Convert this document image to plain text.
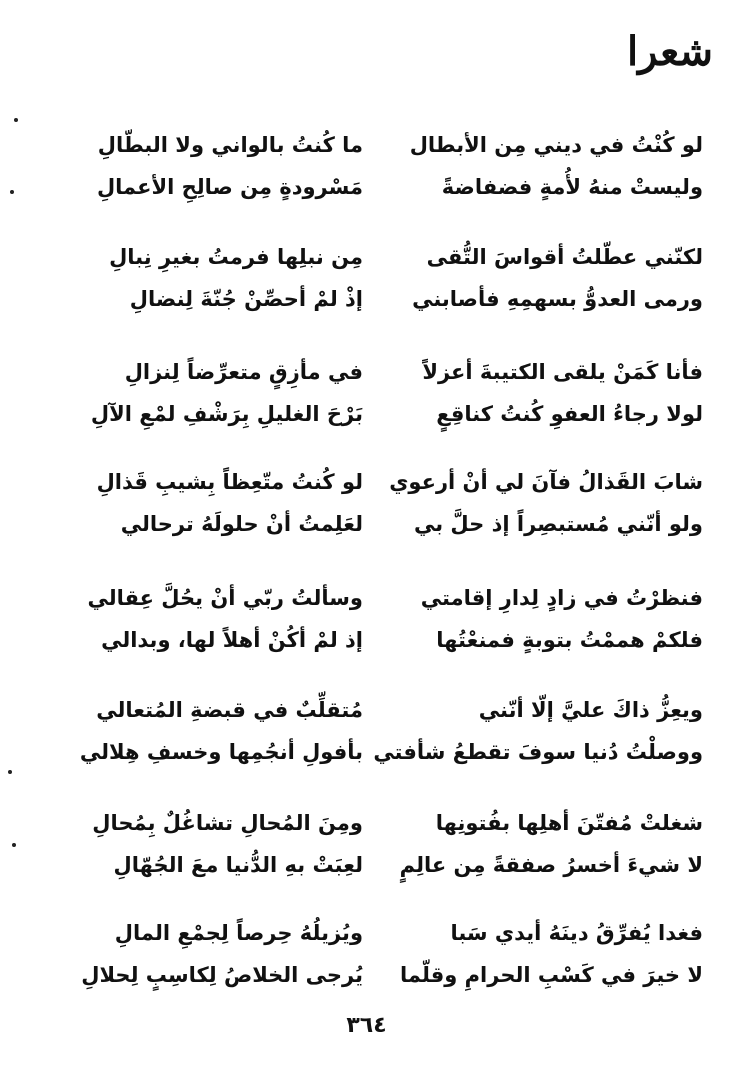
شعرا
لو كُنْتُ في ديني مِن الأبطال
ما كُنتُ بالواني ولا البطّالِ
وليستْ منهُ لأُمةٍ فضفاضةً
مَسْرودةٍ مِن صالِحِ الأعمالِ
لكنّني عطّلتُ أقواسَ التُّقى
مِن نبلِها فرمتُ بغيرِ نِبالِ
ورمى العدوُّ بسهمِهِ فأصابني
إذْ لمْ أحصِّنْ جُنّةَ لِنضالِ
فأنا كَمَنْ يلقى الكتيبةَ أعزلاً
في مأزِقٍ متعرِّضاً لِنزالِ
لولا رجاءُ العفوِ كُنتُ كناقِعٍ
بَرْحَ الغليلِ بِرَشْفِ لمْعِ الآلِ
شابَ القَذالُ فآنَ لي أنْ أرعوي
لو كُنتُ متّعِظاً بِشيبِ قَذالِ
ولو أنّني مُستبصِراً إذ حلَّ بي
لعَلِمتُ أنْ حلولَهُ ترحالي
فنظرْتُ في زادٍ لِدارِ إقامتي
وسألتُ ربّي أنْ يحُلَّ عِقالي
فلكمْ هممْتُ بتوبةٍ فمنعْتُها
إذ لمْ أكُنْ أهلاً لها، وبدالي
ويعِزُّ ذاكَ عليَّ إلّا أنّني
مُتقلِّبٌ في قبضةِ المُتعالي
ووصلْتُ دُنيا سوفَ تقطعُ شأفتي
بأفولِ أنجُمِها وخسفِ هِلالي
شغلتْ مُفتّنَ أهلِها بفُتونِها
ومِنَ المُحالِ تشاغُلٌ بِمُحالِ
لا شيءَ أخسرُ صفقةً مِن عالِمٍ
لعِبَتْ بهِ الدُّنيا معَ الجُهّالِ
فغدا يُفرِّقُ دينَهُ أيدي سَبا
ويُزيلُهُ حِرصاً لِجمْعِ المالِ
لا خيرَ في كَسْبِ الحرامِ وقلّما
يُرجى الخلاصُ لِكاسِبٍ لِحلالِ
٣٦٤
